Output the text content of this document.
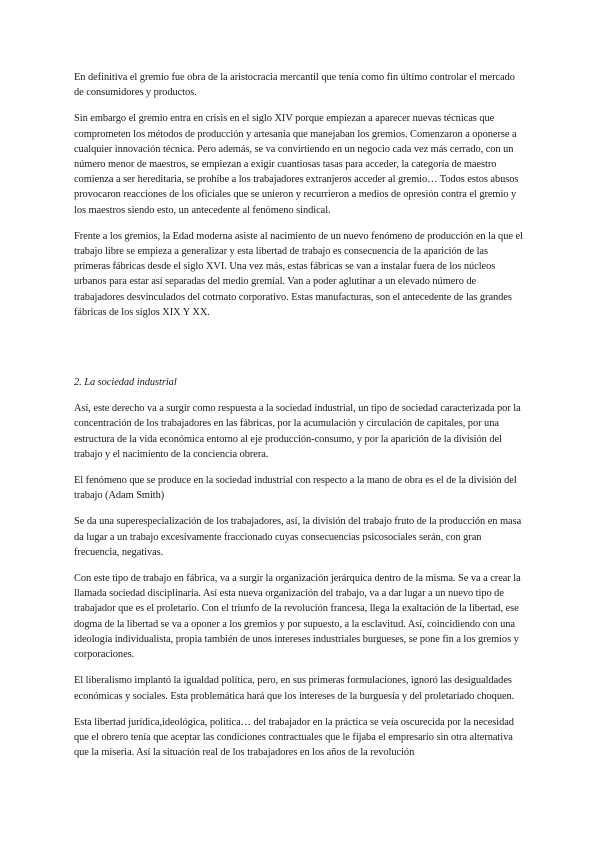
En definitiva el gremio fue obra de la aristocracia mercantil que tenía como fin último controlar el mercado de consumidores y productos.

Sin embargo el gremio entra en crisis en el siglo XIV porque empiezan a aparecer nuevas técnicas que comprometen los métodos de producción y artesanía que manejaban los gremios. Comenzaron a oponerse a cualquier innovación técnica. Pero además, se va convirtiendo en un negocio cada vez más cerrado, con un número menor de maestros, se empiezan a exigir cuantiosas tasas para acceder, la categoría de maestro comienza a ser hereditaria, se prohíbe a los trabajadores extranjeros acceder al gremio… Todos estos abusos provocaron reacciones de los oficiales que se unieron y recurrieron a medios de opresión contra el gremio y los maestros siendo esto, un antecedente al fenómeno sindical.

Frente a los gremios, la Edad moderna asiste al nacimiento de un nuevo fenómeno de producción en la que el trabajo libre se empieza a generalizar y esta libertad de trabajo es consecuencia de la aparición de las primeras fábricas desde el siglo XVI. Una vez más, estas fábricas se van a instalar fuera de los núcleos urbanos para estar así separadas del medio gremial. Van a poder aglutinar a un elevado número de trabajadores desvinculados del cotrnato corporativo. Estas manufacturas, son el antecedente de las grandes fábricas de los siglos XIX Y XX.

2. La sociedad industrial

Así, este derecho va a surgir como respuesta a la sociedad industrial, un tipo de sociedad caracterizada por la concentración de los trabajadores en las fábricas, por la acumulación y circulación de capitales, por una estructura de la vida económica entorno al eje producción-consumo, y por la aparición de la división del trabajo y el nacimiento de la conciencia obrera.

El fenómeno que se produce en la sociedad industrial con respecto a la mano de obra es el de la división del trabajo (Adam Smith)

Se da una superespecialización de los trabajadores, así, la división del trabajo fruto de la producción en masa da lugar a un trabajo excesivamente fraccionado cuyas consecuencias psicosociales serán, con gran frecuencia, negativas.

Con este tipo de trabajo en fábrica, va a surgir la organización jerárquica dentro de la misma. Se va a crear la llamada sociedad disciplinaria. Así esta nueva organización del trabajo, va a dar lugar a un nuevo tipo de trabajador que es el proletario. Con el triunfo de la revolución francesa, llega la exaltación de la libertad, ese dogma de la libertad se va a oponer a los gremios y por supuesto, a la esclavitud. Así, coincidiendo con una ideología individualista, propia también de unos intereses industriales burgueses, se pone fin a los gremios y corporaciones.

El liberalismo implantó la igualdad política, pero, en sus primeras formulaciones, ignoró las desigualdades económicas y sociales. Esta problemática hará que los intereses de la burguesía y del proletariado choquen.

Esta libertad jurídica,ideológica, política… del trabajador en la práctica se veía oscurecida por la necesidad que el obrero tenía que aceptar las condiciones contractuales que le fijaba el empresario sin otra alternativa que la miseria. Así la situación real de los trabajadores en los años de la revolución
